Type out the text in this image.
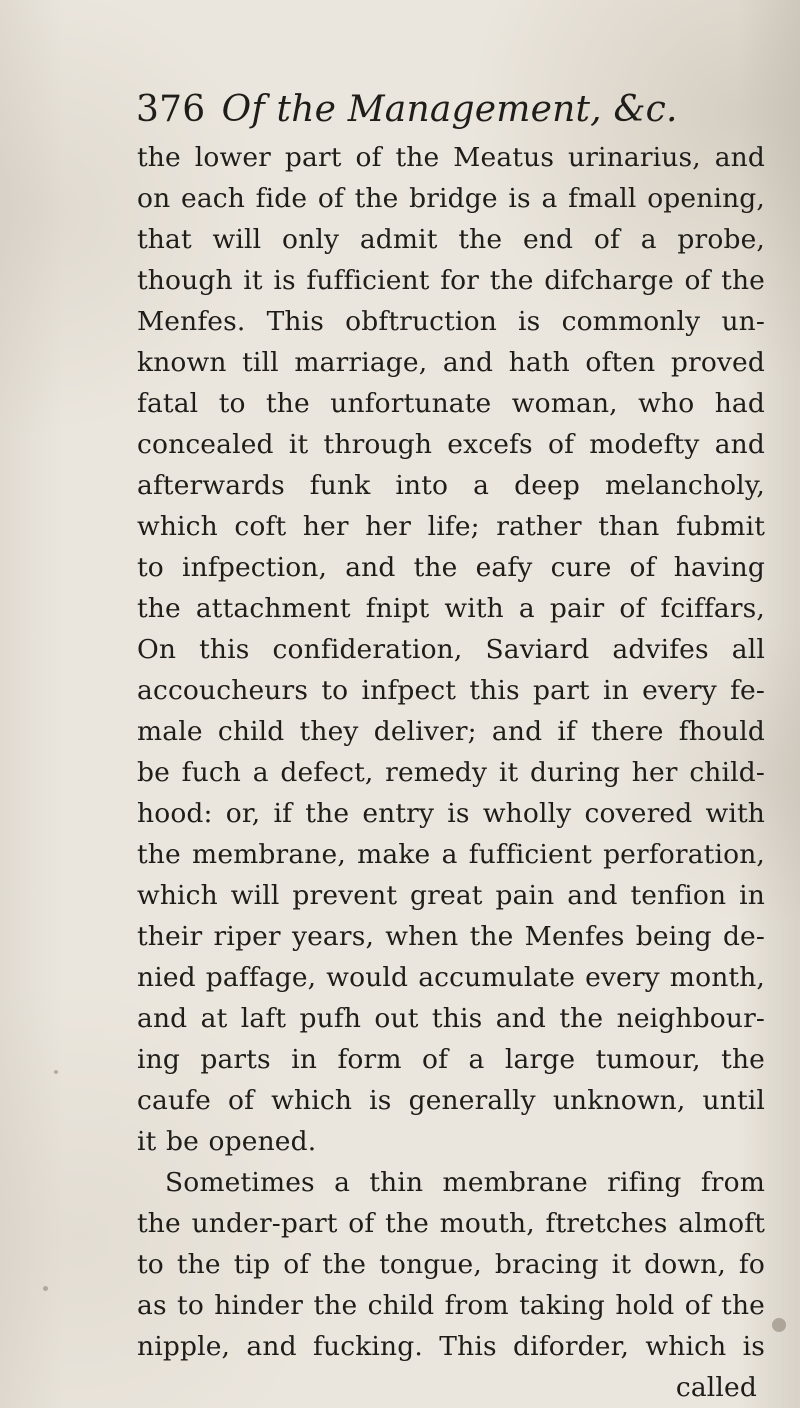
376 Of the Management, &c.
the lower part of the Meatus urinarius, and
on each fide of the bridge is a fmall opening,
that will only admit the end of a probe,
though it is fufficient for the difcharge of the
Menfes. This obftruction is commonly un-
known till marriage, and hath often proved
fatal to the unfortunate woman, who had
concealed it through excefs of modefty and
afterwards funk into a deep melancholy,
which coft her her life; rather than fubmit
to infpection, and the eafy cure of having
the attachment fnipt with a pair of fciffars,
On this confideration, Saviard advifes all
accoucheurs to infpect this part in every fe-
male child they deliver; and if there fhould
be fuch a defect, remedy it during her child-
hood: or, if the entry is wholly covered with
the membrane, make a fufficient perforation,
which will prevent great pain and tenfion in
their riper years, when the Menfes being de-
nied paffage, would accumulate every month,
and at laft pufh out this and the neighbour-
ing parts in form of a large tumour, the
caufe of which is generally unknown, until
it be opened.
Sometimes a thin membrane rifing from
the under-part of the mouth, ftretches almoft
to the tip of the tongue, bracing it down, fo
as to hinder the child from taking hold of the
nipple, and fucking. This diforder, which is
called
